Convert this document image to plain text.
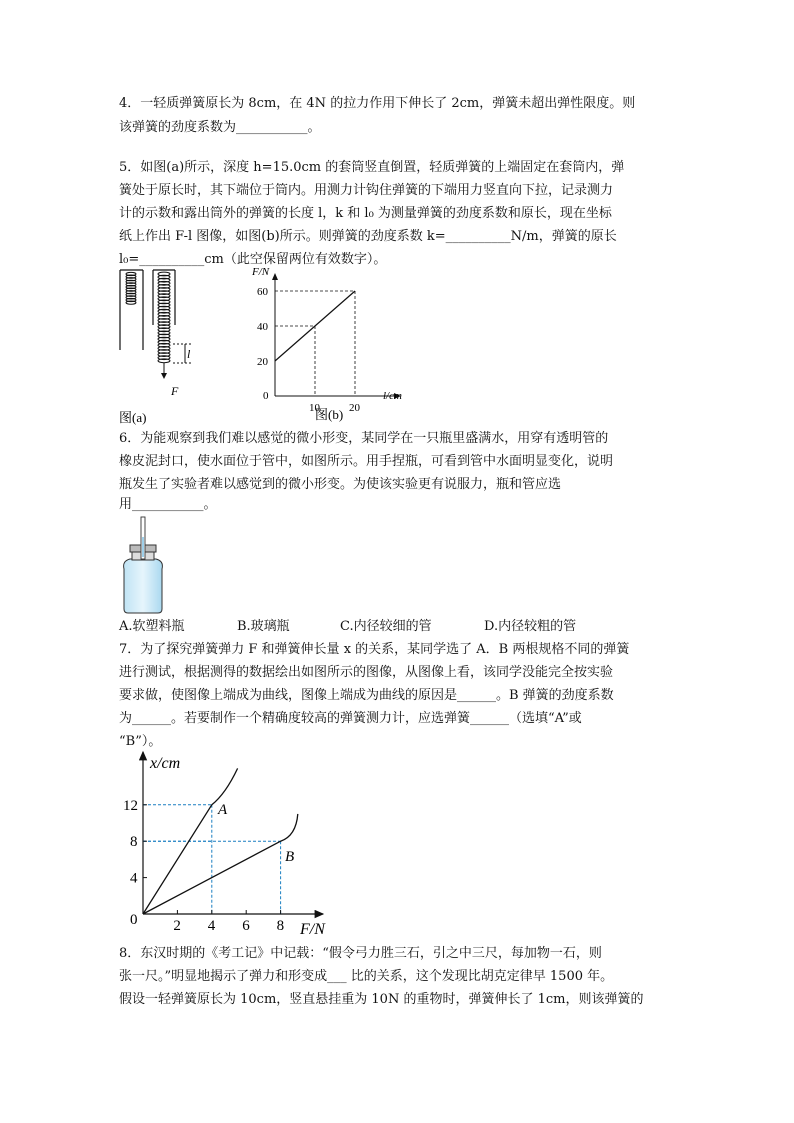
4．一轻质弹簧原长为 8cm，在 4N 的拉力作用下伸长了 2cm，弹簧未超出弹性限度。则
该弹簧的劲度系数为___________。
5．如图(a)所示，深度 h=15.0cm 的套筒竖直倒置，轻质弹簧的上端固定在套筒内，弹
簧处于原长时，其下端位于筒内。用测力计钩住弹簧的下端用力竖直向下拉，记录测力
计的示数和露出筒外的弹簧的长度 l，k 和 l₀ 为测量弹簧的劲度系数和原长，现在坐标
纸上作出 F-l 图像，如图(b)所示。则弹簧的劲度系数 k=__________N/m，弹簧的原长
l₀=__________cm（此空保留两位有效数字）。
l
F
图(a)
20
40
60
10	20
F/N
l/cm
0
图(b)
6．为能观察到我们难以感觉的微小形变，某同学在一只瓶里盛满水，用穿有透明管的
橡皮泥封口，使水面位于管中，如图所示。用手捏瓶，可看到管中水面明显变化，说明
瓶发生了实验者难以感觉到的微小形变。为使该实验更有说服力，瓶和管应选
用___________。
A.软塑料瓶	B.玻璃瓶	C.内径较细的管	D.内径较粗的管
7．为了探究弹簧弹力 F 和弹簧伸长量 x 的关系，某同学选了 A．B 两根规格不同的弹簧
进行测试，根据测得的数据绘出如图所示的图像，从图像上看，该同学没能完全按实验
要求做，使图像上端成为曲线，图像上端成为曲线的原因是______。B 弹簧的劲度系数
为______。若要制作一个精确度较高的弹簧测力计，应选弹簧______（选填“A”或
“B”）。
4
8
12
2 4 6 8
x/cm
F/N
0
A
B
8．东汉时期的《考工记》中记载：“假令弓力胜三石，引之中三尺，每加物一石，则
张一尺。”明显地揭示了弹力和形变成___ 比的关系，这个发现比胡克定律早 1500 年。
假设一轻弹簧原长为 10cm，竖直悬挂重为 10N 的重物时，弹簧伸长了 1cm，则该弹簧的
